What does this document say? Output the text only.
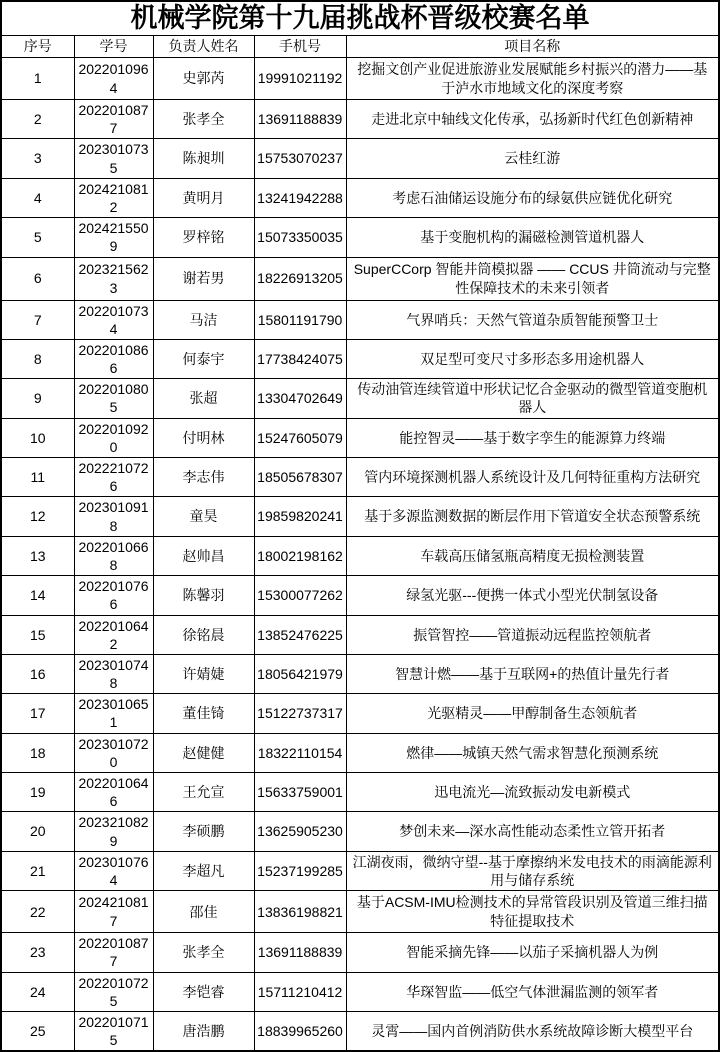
机械学院第十九届挑战杯晋级校赛名单				
序号	学号	负责人姓名	手机号	项目名称
1	2022010964	史郭芮	19991021192	挖掘文创产业促进旅游业发展赋能乡村振兴的潜力——基于泸水市地域文化的深度考察
2	2022010877	张孝全	13691188839	走进北京中轴线文化传承，弘扬新时代红色创新精神
3	2023010735	陈昶圳	15753070237	云桂红游
4	2024210812	黄明月	13241942288	考虑石油储运设施分布的绿氨供应链优化研究
5	2024215509	罗梓铭	15073350035	基于变胞机构的漏磁检测管道机器人
6	2023215623	谢若男	18226913205	SuperCCorp 智能井筒模拟器 —— CCUS 井筒流动与完整性保障技术的未来引领者
7	2022010734	马洁	15801191790	气界哨兵：天然气管道杂质智能预警卫士
8	2022010866	何泰宇	17738424075	双足型可变尺寸多形态多用途机器人
9	2022010805	张超	13304702649	传动油管连续管道中形状记忆合金驱动的微型管道变胞机器人
10	2022010920	付明林	15247605079	能控智灵——基于数字孪生的能源算力终端
11	2022210726	李志伟	18505678307	管内环境探测机器人系统设计及几何特征重构方法研究
12	2023010918	童昊	19859820241	基于多源监测数据的断层作用下管道安全状态预警系统
13	2022010668	赵帅昌	18002198162	车载高压储氢瓶高精度无损检测装置
14	2022010766	陈馨羽	15300077262	绿氢光驱---便携一体式小型光伏制氢设备
15	2022010642	徐铭晨	13852476225	振管智控——管道振动远程监控领航者
16	2023010748	许婧婕	18056421979	智慧计燃——基于互联网+的热值计量先行者
17	2023010651	董佳锜	15122737317	光驱精灵——甲醇制备生态领航者
18	2023010720	赵健健	18322110154	燃律——城镇天然气需求智慧化预测系统
19	2022010646	王允宣	15633759001	迅电流光—流致振动发电新模式
20	2023210829	李硕鹏	13625905230	梦创未来—深水高性能动态柔性立管开拓者
21	2023010764	李超凡	15237199285	江湖夜雨，微纳守望--基于摩擦纳米发电技术的雨滴能源利用与储存系统
22	2024210817	邵佳	13836198821	基于ACSM-IMU检测技术的异常管段识别及管道三维扫描特征提取技术
23	2022010877	张孝全	13691188839	智能采摘先锋——以茄子采摘机器人为例
24	2022010725	李铠睿	15711210412	华琛智监——低空气体泄漏监测的领军者
25	2022010715	唐浩鹏	18839965260	灵霄——国内首例消防供水系统故障诊断大模型平台
